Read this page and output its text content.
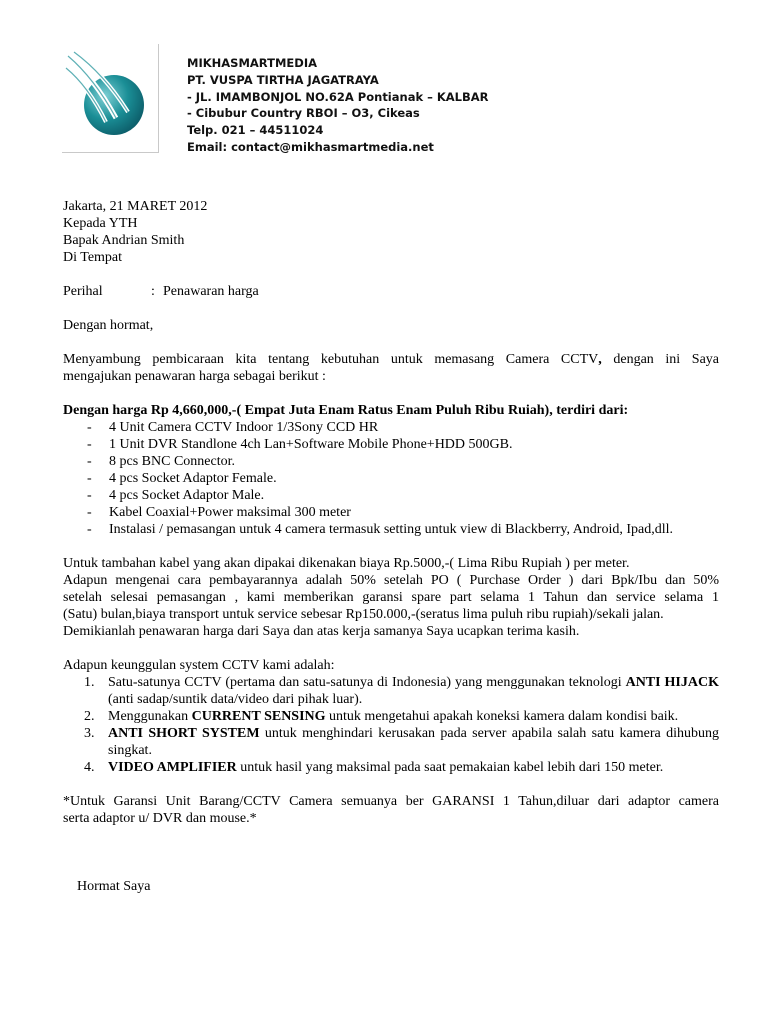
MIKHASMARTMEDIA
PT. VUSPA TIRTHA JAGATRAYA
- JL. IMAMBONJOL NO.62A Pontianak – KALBAR
- Cibubur Country RBOI – O3, Cikeas
Telp. 021 – 44511024
Email: contact@mikhasmartmedia.net
Jakarta, 21 MARET 2012
Kepada YTH
Bapak Andrian Smith
Di Tempat
Perihal	: Penawaran harga
Dengan hormat,
Menyambung pembicaraan kita tentang kebutuhan untuk memasang Camera CCTV, dengan ini Saya
mengajukan penawaran harga sebagai berikut :
Dengan harga Rp 4,660,000,-( Empat Juta Enam Ratus Enam Puluh Ribu Ruiah), terdiri dari:
- 4 Unit Camera CCTV Indoor 1/3Sony CCD HR
- 1 Unit DVR Standlone 4ch Lan+Software Mobile Phone+HDD 500GB.
- 8 pcs BNC Connector.
- 4 pcs Socket Adaptor Female.
- 4 pcs Socket Adaptor Male.
- Kabel Coaxial+Power maksimal 300 meter
- Instalasi / pemasangan untuk 4 camera termasuk setting untuk view di Blackberry, Android, Ipad,dll.
Untuk tambahan kabel yang akan dipakai dikenakan biaya Rp.5000,-( Lima Ribu Rupiah ) per meter.
Adapun mengenai cara pembayarannya adalah 50% setelah PO ( Purchase Order ) dari Bpk/Ibu dan 50%
setelah selesai pemasangan , kami memberikan garansi spare part selama 1 Tahun dan service selama 1
(Satu) bulan,biaya transport untuk service sebesar Rp150.000,-(seratus lima puluh ribu rupiah)/sekali jalan.
Demikianlah penawaran harga dari Saya dan atas kerja samanya Saya ucapkan terima kasih.
Adapun keunggulan system CCTV kami adalah:
1. Satu-satunya CCTV (pertama dan satu-satunya di Indonesia) yang menggunakan teknologi ANTI HIJACK (anti sadap/suntik data/video dari pihak luar).
2. Menggunakan CURRENT SENSING untuk mengetahui apakah koneksi kamera dalam kondisi baik.
3. ANTI SHORT SYSTEM untuk menghindari kerusakan pada server apabila salah satu kamera dihubung singkat.
4. VIDEO AMPLIFIER untuk hasil yang maksimal pada saat pemakaian kabel lebih dari 150 meter.
*Untuk Garansi Unit Barang/CCTV Camera semuanya ber GARANSI 1 Tahun,diluar dari adaptor camera
serta adaptor u/ DVR dan mouse.*
Hormat Saya
